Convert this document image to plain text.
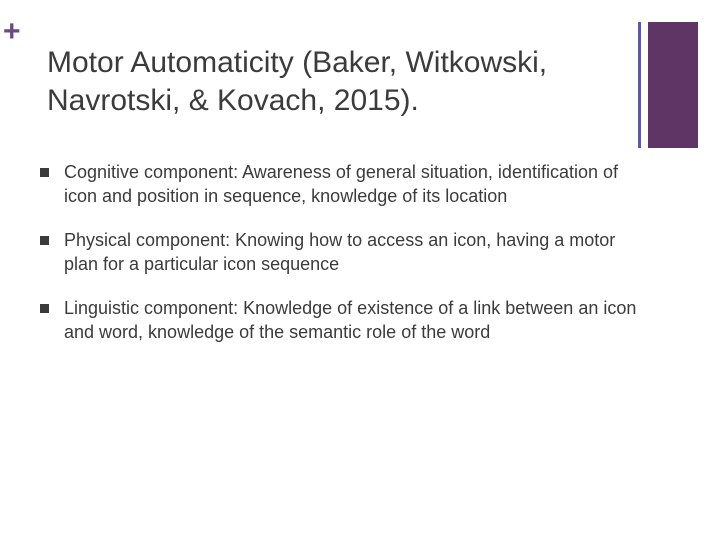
+
Motor Automaticity (Baker, Witkowski, Navrotski, & Kovach, 2015).
Cognitive component: Awareness of general situation, identification of icon and position in sequence, knowledge of its location
Physical component: Knowing how to access an icon, having a motor plan for a particular icon sequence
Linguistic component: Knowledge of existence of a link between an icon and word, knowledge of the semantic role of the word
